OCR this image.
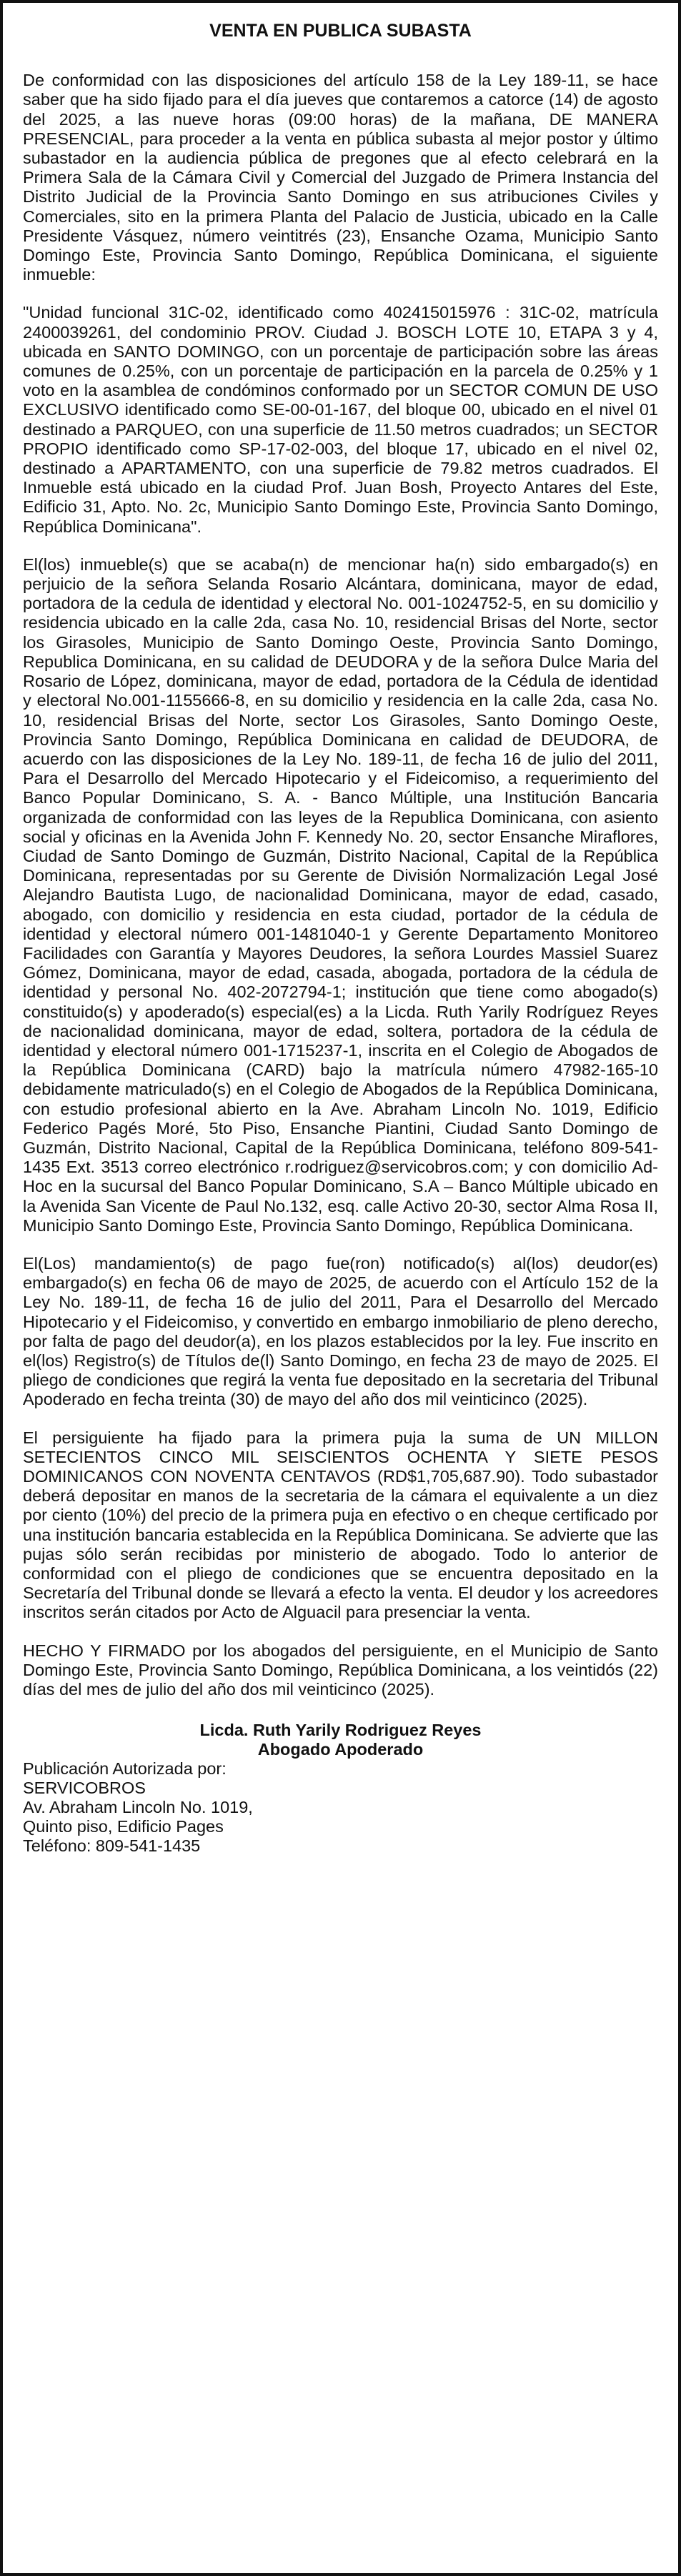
VENTA EN PUBLICA SUBASTA

De conformidad con las disposiciones del artículo 158 de la Ley 189-11, se hace saber que ha sido fijado para el día jueves que contaremos a catorce (14) de agosto del 2025, a las nueve horas (09:00 horas) de la mañana, DE MANERA PRESENCIAL, para proceder a la venta en pública subasta al mejor postor y último subastador en la audiencia pública de pregones que al efecto celebrará en la Primera Sala de la Cámara Civil y Comercial del Juzgado de Primera Instancia del Distrito Judicial de la Provincia Santo Domingo en sus atribuciones Civiles y Comerciales, sito en la primera Planta del Palacio de Justicia, ubicado en la Calle Presidente Vásquez, número veintitrés (23), Ensanche Ozama, Municipio Santo Domingo Este, Provincia Santo Domingo, República Dominicana, el siguiente inmueble:

"Unidad funcional 31C-02, identificado como 402415015976 : 31C-02, matrícula 2400039261, del condominio PROV. Ciudad J. BOSCH LOTE 10, ETAPA 3 y 4, ubicada en SANTO DOMINGO, con un porcentaje de participación sobre las áreas comunes de 0.25%, con un porcentaje de participación en la parcela de 0.25% y 1 voto en la asamblea de condóminos conformado por un SECTOR COMUN DE USO EXCLUSIVO identificado como SE-00-01-167, del bloque 00, ubicado en el nivel 01 destinado a PARQUEO, con una superficie de 11.50 metros cuadrados; un SECTOR PROPIO identificado como SP-17-02-003, del bloque 17, ubicado en el nivel 02, destinado a APARTAMENTO, con una superficie de 79.82 metros cuadrados. El Inmueble está ubicado en la ciudad Prof. Juan Bosh, Proyecto Antares del Este, Edificio 31, Apto. No. 2c, Municipio Santo Domingo Este, Provincia Santo Domingo, República Dominicana".

El(los) inmueble(s) que se acaba(n) de mencionar ha(n) sido embargado(s) en perjuicio de la señora Selanda Rosario Alcántara, dominicana, mayor de edad, portadora de la cedula de identidad y electoral No. 001-1024752-5, en su domicilio y residencia ubicado en la calle 2da, casa No. 10, residencial Brisas del Norte, sector los Girasoles, Municipio de Santo Domingo Oeste, Provincia Santo Domingo, Republica Dominicana, en su calidad de DEUDORA y de la señora Dulce Maria del Rosario de López, dominicana, mayor de edad, portadora de la Cédula de identidad y electoral No.001-1155666-8, en su domicilio y residencia en la calle 2da, casa No. 10, residencial Brisas del Norte, sector Los Girasoles, Santo Domingo Oeste, Provincia Santo Domingo, República Dominicana en calidad de DEUDORA, de acuerdo con las disposiciones de la Ley No. 189-11, de fecha 16 de julio del 2011, Para el Desarrollo del Mercado Hipotecario y el Fideicomiso, a requerimiento del Banco Popular Dominicano, S. A. - Banco Múltiple, una Institución Bancaria organizada de conformidad con las leyes de la Republica Dominicana, con asiento social y oficinas en la Avenida John F. Kennedy No. 20, sector Ensanche Miraflores, Ciudad de Santo Domingo de Guzmán, Distrito Nacional, Capital de la República Dominicana, representadas por su Gerente de División Normalización Legal José Alejandro Bautista Lugo, de nacionalidad Dominicana, mayor de edad, casado, abogado, con domicilio y residencia en esta ciudad, portador de la cédula de identidad y electoral número 001-1481040-1 y Gerente Departamento Monitoreo Facilidades con Garantía y Mayores Deudores, la señora Lourdes Massiel Suarez Gómez, Dominicana, mayor de edad, casada, abogada, portadora de la cédula de identidad y personal No. 402-2072794-1; institución que tiene como abogado(s) constituido(s) y apoderado(s) especial(es) a la Licda. Ruth Yarily Rodríguez Reyes de nacionalidad dominicana, mayor de edad, soltera, portadora de la cédula de identidad y electoral número 001-1715237-1, inscrita en el Colegio de Abogados de la República Dominicana (CARD) bajo la matrícula número 47982-165-10 debidamente matriculado(s) en el Colegio de Abogados de la República Dominicana, con estudio profesional abierto en la Ave. Abraham Lincoln No. 1019, Edificio Federico Pagés Moré, 5to Piso, Ensanche Piantini, Ciudad Santo Domingo de Guzmán, Distrito Nacional, Capital de la República Dominicana, teléfono 809-541-1435 Ext. 3513 correo electrónico r.rodriguez@servicobros.com; y con domicilio Ad-Hoc en la sucursal del Banco Popular Dominicano, S.A – Banco Múltiple ubicado en la Avenida San Vicente de Paul No.132, esq. calle Activo 20-30, sector Alma Rosa II, Municipio Santo Domingo Este, Provincia Santo Domingo, República Dominicana.

El(Los) mandamiento(s) de pago fue(ron) notificado(s) al(los) deudor(es) embargado(s) en fecha 06 de mayo de 2025, de acuerdo con el Artículo 152 de la Ley No. 189-11, de fecha 16 de julio del 2011, Para el Desarrollo del Mercado Hipotecario y el Fideicomiso, y convertido en embargo inmobiliario de pleno derecho, por falta de pago del deudor(a), en los plazos establecidos por la ley. Fue inscrito en el(los) Registro(s) de Títulos de(l) Santo Domingo, en fecha 23 de mayo de 2025. El pliego de condiciones que regirá la venta fue depositado en la secretaria del Tribunal Apoderado en fecha treinta (30) de mayo del año dos mil veinticinco (2025).

El persiguiente ha fijado para la primera puja la suma de UN MILLON SETECIENTOS CINCO MIL SEISCIENTOS OCHENTA Y SIETE PESOS DOMINICANOS CON NOVENTA CENTAVOS (RD$1,705,687.90). Todo subastador deberá depositar en manos de la secretaria de la cámara el equivalente a un diez por ciento (10%) del precio de la primera puja en efectivo o en cheque certificado por una institución bancaria establecida en la República Dominicana. Se advierte que las pujas sólo serán recibidas por ministerio de abogado. Todo lo anterior de conformidad con el pliego de condiciones que se encuentra depositado en la Secretaría del Tribunal donde se llevará a efecto la venta. El deudor y los acreedores inscritos serán citados por Acto de Alguacil para presenciar la venta.

HECHO Y FIRMADO por los abogados del persiguiente, en el Municipio de Santo Domingo Este, Provincia Santo Domingo, República Dominicana, a los veintidós (22) días del mes de julio del año dos mil veinticinco (2025).

Licda. Ruth Yarily Rodriguez Reyes
Abogado Apoderado
Publicación Autorizada por:
SERVICOBROS
Av. Abraham Lincoln No. 1019,
Quinto piso, Edificio Pages
Teléfono: 809-541-1435
